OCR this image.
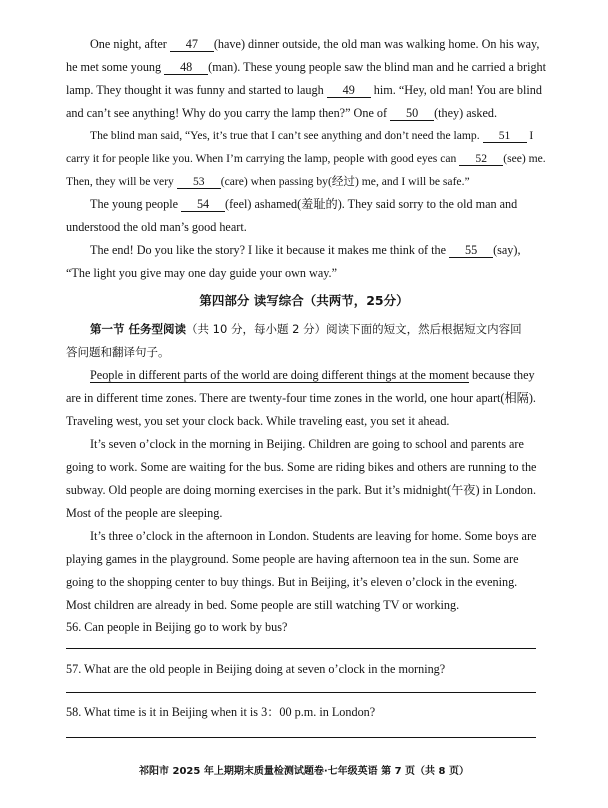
One night, after 47 (have) dinner outside, the old man was walking home. On his way,
he met some young 48 (man). These young people saw the blind man and he carried a bright
lamp. They thought it was funny and started to laugh 49 him. “Hey, old man! You are blind
and can’t see anything! Why do you carry the lamp then?” One of 50 (they) asked.
The blind man said, “Yes, it’s true that I can’t see anything and don’t need the lamp. 51 I
carry it for people like you. When I’m carrying the lamp, people with good eyes can 52 (see) me.
Then, they will be very 53 (care) when passing by(经过) me, and I will be safe.”
The young people 54 (feel) ashamed(羞耻的). They said sorry to the old man and
understood the old man’s good heart.
The end! Do you like the story? I like it because it makes me think of the 55 (say),
“The light you give may one day guide your own way.”
第四部分 读写综合（共两节，25分）
第一节 任务型阅读（共 10 分，每小题 2 分）阅读下面的短文，然后根据短文内容回
答问题和翻译句子。
People in different parts of the world are doing different things at the moment because they
are in different time zones. There are twenty-four time zones in the world, one hour apart(相隔).
Traveling west, you set your clock back. While traveling east, you set it ahead.
It’s seven o’clock in the morning in Beijing. Children are going to school and parents are
going to work. Some are waiting for the bus. Some are riding bikes and others are running to the
subway. Old people are doing morning exercises in the park. But it’s midnight(午夜) in London.
Most of the people are sleeping.
It’s three o’clock in the afternoon in London. Students are leaving for home. Some boys are
playing games in the playground. Some people are having afternoon tea in the sun. Some are
going to the shopping center to buy things. But in Beijing, it’s eleven o’clock in the evening.
Most children are already in bed. Some people are still watching TV or working.
56. Can people in Beijing go to work by bus?
57. What are the old people in Beijing doing at seven o’clock in the morning?
58. What time is it in Beijing when it is 3：00 p.m. in London?
祁阳市 2025 年上期期末质量检测试题卷·七年级英语 第 7 页（共 8 页）
